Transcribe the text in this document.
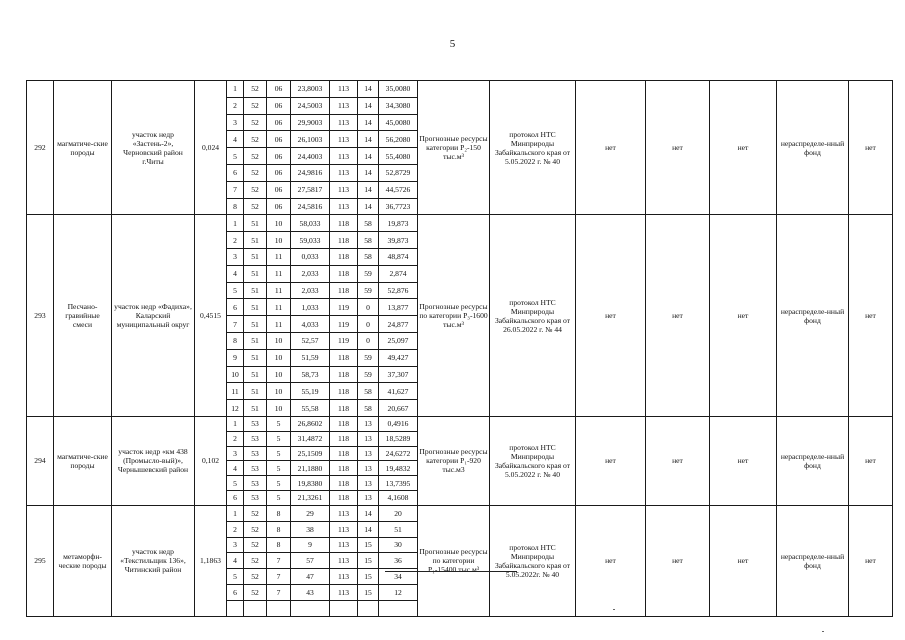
5
292	магматиче-ские породы	участок недр «Застень-2», Черновский район г.Читы	0,024	1	52	06	23,8003	113	14	35,0080	Прогнозные ресурсы категории P₂-150 тыс.м³	протокол НТС Минприроды Забайкальского края от 5.05.2022 г. № 40	нет	нет	нет	нераспределе-нный фонд	нет
				2	52	06	24,5003	113	14	34,3080							
				3	52	06	29,9003	113	14	45,0080							
				4	52	06	26,1003	113	14	56,2080							
				5	52	06	24,4003	113	14	55,4080							
				6	52	06	24,9816	113	14	52,8729							
				7	52	06	27,5817	113	14	44,5726							
				8	52	06	24,5816	113	14	36,7723							
293	Песчано-гравийные смеси	участок недр «Фадиха», Каларский муниципальный округ	0,4515	1	51	10	58,033	118	58	19,873	Прогнозные ресурсы по категории P₃-1600 тыс.м³	протокол НТС Минприроды Забайкальского края от 26.05.2022 г. № 44	нет	нет	нет	нераспределе-нный фонд	нет
				2	51	10	59,033	118	58	39,873							
				3	51	11	0,033	118	58	48,874							
				4	51	11	2,033	118	59	2,874							
				5	51	11	2,033	118	59	52,876							
				6	51	11	1,033	119	0	13,877							
				7	51	11	4,033	119	0	24,877							
				8	51	10	52,57	119	0	25,097							
				9	51	10	51,59	118	59	49,427							
				10	51	10	58,73	118	59	37,307							
				11	51	10	55,19	118	58	41,627							
				12	51	10	55,58	118	58	20,667							
294	магматиче-ские породы	участок недр «км 438 (Промысло-вый)», Чернышевский район	0,102	1	53	5	26,8602	118	13	0,4916	Прогнозные ресурсы категории P₁-920 тыс.м3	протокол НТС Минприроды Забайкальского края от 5.05.2022 г. № 40	нет	нет	нет	нераспределе-нный фонд	нет
				2	53	5	31,4872	118	13	18,5289							
				3	53	5	25,1509	118	13	24,6272							
				4	53	5	21,1880	118	13	19,4832							
				5	53	5	19,8380	118	13	13,7395							
				6	53	5	21,3261	118	13	4,1608							
295	метаморфн-ческие породы	участок недр «Текстильщик 136», Читинский район	1,1863	1	52	8	29	113	14	20	Прогнозные ресурсы по категории P₁-15400 тыс.м³	протокол НТС Минприроды Забайкальского края от 5.05.2022г. № 40	нет	нет	нет	нераспределе-нный фонд	нет
				2	52	8	38	113	14	51							
				3	52	8	9	113	15	30							
				4	52	7	57	113	15	36							
				5	52	7	47	113	15	34							
				6	52	7	43	113	15	12							
